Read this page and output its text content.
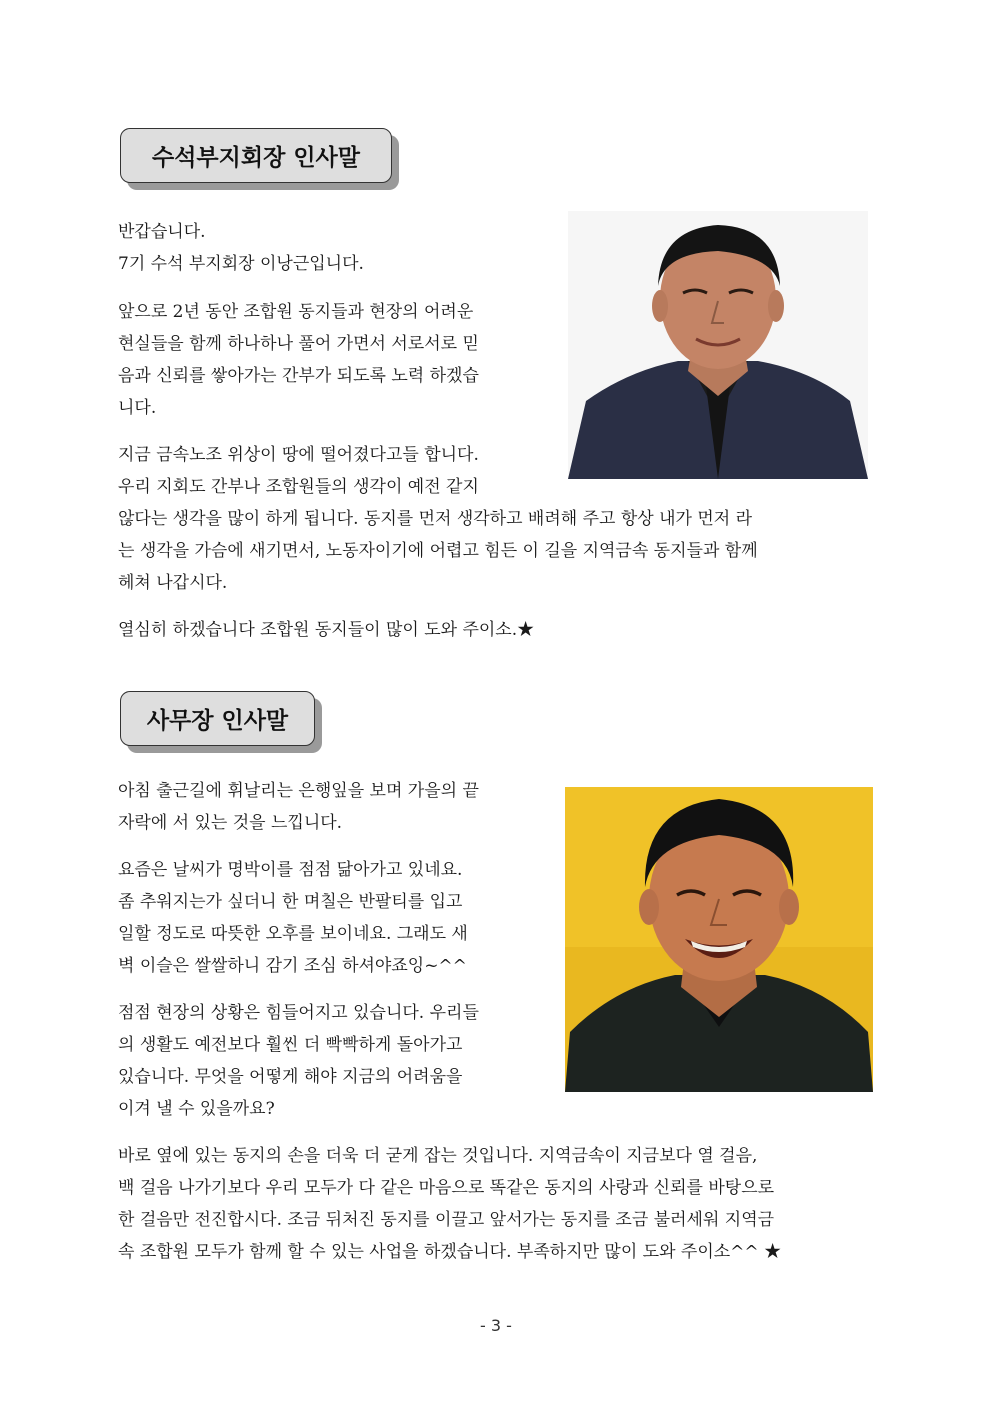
수석부지회장 인사말
반갑습니다.
7기 수석 부지회장 이낭근입니다.
앞으로 2년 동안 조합원 동지들과 현장의 어려운
현실들을 함께 하나하나 풀어 가면서 서로서로 믿
음과 신뢰를 쌓아가는 간부가 되도록 노력 하겠습
니다.
지금 금속노조 위상이 땅에 떨어졌다고들 합니다.
우리 지회도 간부나 조합원들의 생각이 예전 같지
않다는 생각을 많이 하게 됩니다. 동지를 먼저 생각하고 배려해 주고 항상 내가 먼저 라
는 생각을 가슴에 새기면서, 노동자이기에 어렵고 힘든 이 길을 지역금속 동지들과 함께
헤쳐 나갑시다.
열심히 하겠습니다 조합원 동지들이 많이 도와 주이소.★
사무장 인사말
아침 출근길에 휘날리는 은행잎을 보며 가을의 끝
자락에 서 있는 것을 느낍니다.
요즘은 날씨가 명박이를 점점 닮아가고 있네요.
좀 추워지는가 싶더니 한 며칠은 반팔티를 입고
일할 정도로 따뜻한 오후를 보이네요. 그래도 새
벽 이슬은 쌀쌀하니 감기 조심 하셔야죠잉~^^
점점 현장의 상황은 힘들어지고 있습니다. 우리들
의 생활도 예전보다 훨씬 더 빡빡하게 돌아가고
있습니다. 무엇을 어떻게 해야 지금의 어려움을
이겨 낼 수 있을까요?
바로 옆에 있는 동지의 손을 더욱 더 굳게 잡는 것입니다. 지역금속이 지금보다 열 걸음,
백 걸음 나가기보다 우리 모두가 다 같은 마음으로 똑같은 동지의 사랑과 신뢰를 바탕으로
한 걸음만 전진합시다. 조금 뒤처진 동지를 이끌고 앞서가는 동지를 조금 불러세워 지역금
속 조합원 모두가 함께 할 수 있는 사업을 하겠습니다. 부족하지만 많이 도와 주이소^^ ★
- 3 -
